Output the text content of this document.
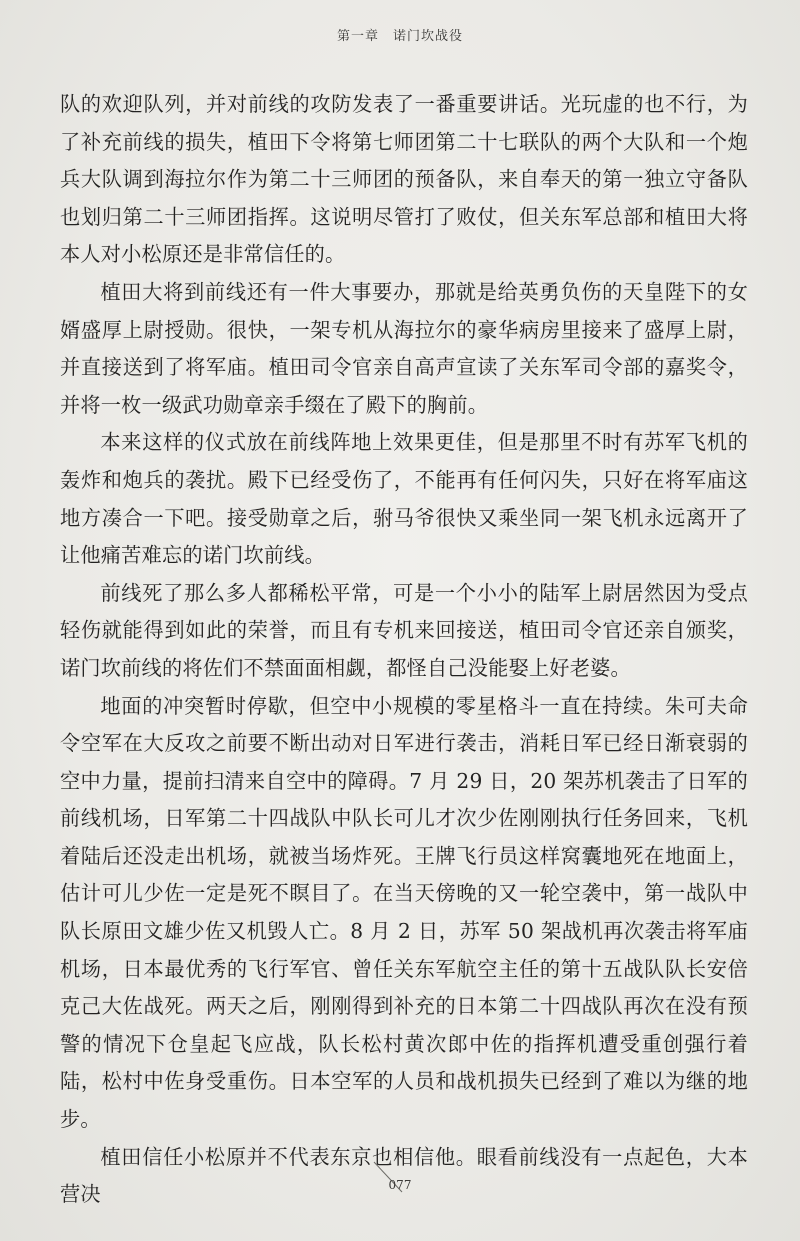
第一章 诺门坎战役

队的欢迎队列，并对前线的攻防发表了一番重要讲话。光玩虚的也不行，为了补充前线的损失，植田下令将第七师团第二十七联队的两个大队和一个炮兵大队调到海拉尔作为第二十三师团的预备队，来自奉天的第一独立守备队也划归第二十三师团指挥。这说明尽管打了败仗，但关东军总部和植田大将本人对小松原还是非常信任的。

植田大将到前线还有一件大事要办，那就是给英勇负伤的天皇陛下的女婿盛厚上尉授勋。很快，一架专机从海拉尔的豪华病房里接来了盛厚上尉，并直接送到了将军庙。植田司令官亲自高声宣读了关东军司令部的嘉奖令，并将一枚一级武功勋章亲手缀在了殿下的胸前。

本来这样的仪式放在前线阵地上效果更佳，但是那里不时有苏军飞机的轰炸和炮兵的袭扰。殿下已经受伤了，不能再有任何闪失，只好在将军庙这地方凑合一下吧。接受勋章之后，驸马爷很快又乘坐同一架飞机永远离开了让他痛苦难忘的诺门坎前线。

前线死了那么多人都稀松平常，可是一个小小的陆军上尉居然因为受点轻伤就能得到如此的荣誉，而且有专机来回接送，植田司令官还亲自颁奖，诺门坎前线的将佐们不禁面面相觑，都怪自己没能娶上好老婆。

地面的冲突暂时停歇，但空中小规模的零星格斗一直在持续。朱可夫命令空军在大反攻之前要不断出动对日军进行袭击，消耗日军已经日渐衰弱的空中力量，提前扫清来自空中的障碍。7 月 29 日，20 架苏机袭击了日军的前线机场，日军第二十四战队中队长可儿才次少佐刚刚执行任务回来，飞机着陆后还没走出机场，就被当场炸死。王牌飞行员这样窝囊地死在地面上，估计可儿少佐一定是死不瞑目了。在当天傍晚的又一轮空袭中，第一战队中队长原田文雄少佐又机毁人亡。8 月 2 日，苏军 50 架战机再次袭击将军庙机场，日本最优秀的飞行军官、曾任关东军航空主任的第十五战队队长安倍克己大佐战死。两天之后，刚刚得到补充的日本第二十四战队再次在没有预警的情况下仓皇起飞应战，队长松村黄次郎中佐的指挥机遭受重创强行着陆，松村中佐身受重伤。日本空军的人员和战机损失已经到了难以为继的地步。

植田信任小松原并不代表东京也相信他。眼看前线没有一点起色，大本营决	077
